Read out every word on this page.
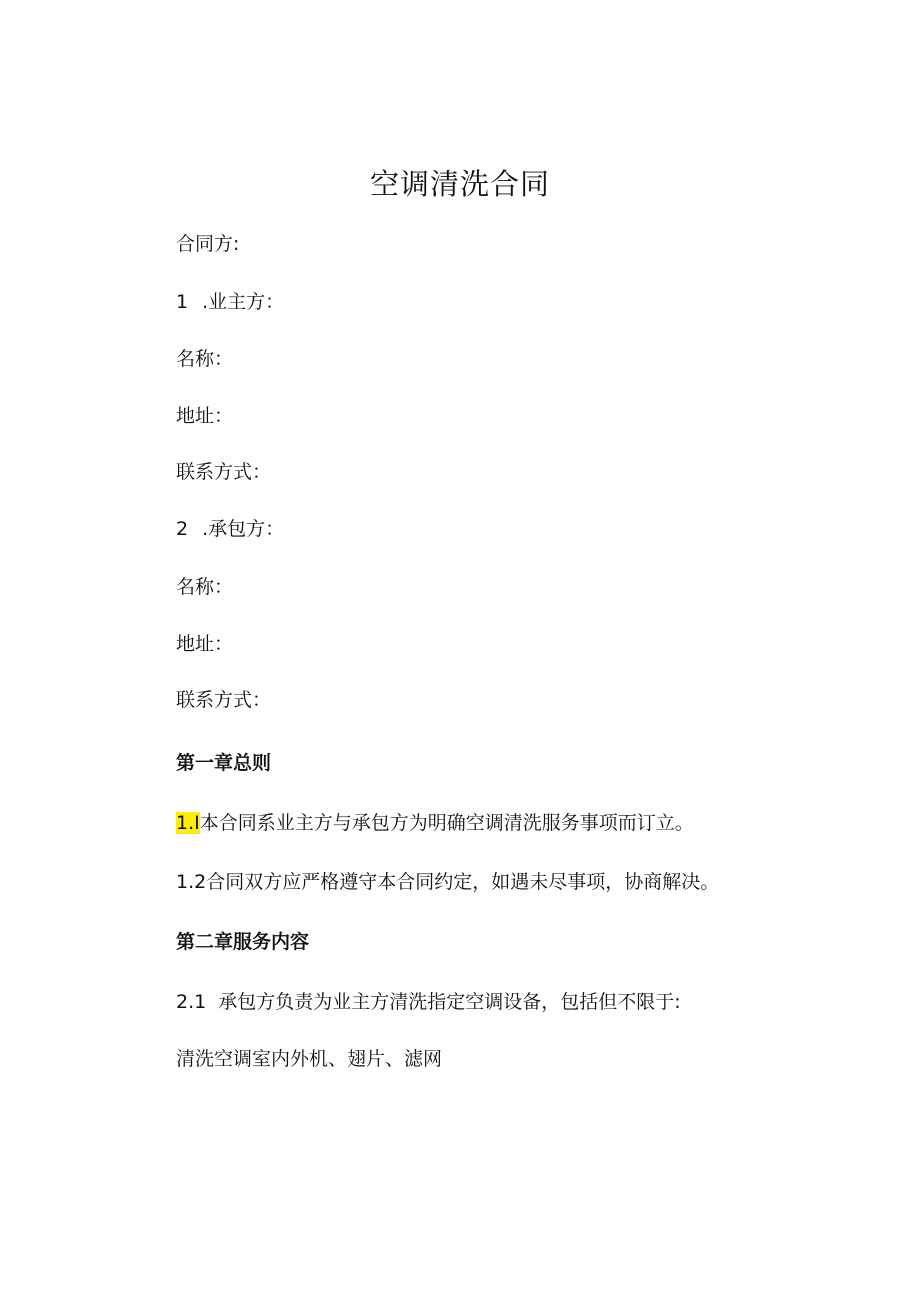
空调清洗合同

合同方:

1 .业主方：

名称：

地址：

联系方式：

2 .承包方：

名称：

地址：

联系方式：

第一章总则

1.I本合同系业主方与承包方为明确空调清洗服务事项而订立。

1.2合同双方应严格遵守本合同约定，如遇未尽事项，协商解决。

第二章服务内容

2.1  承包方负责为业主方清洗指定空调设备，包括但不限于:

清洗空调室内外机、翅片、滤网
